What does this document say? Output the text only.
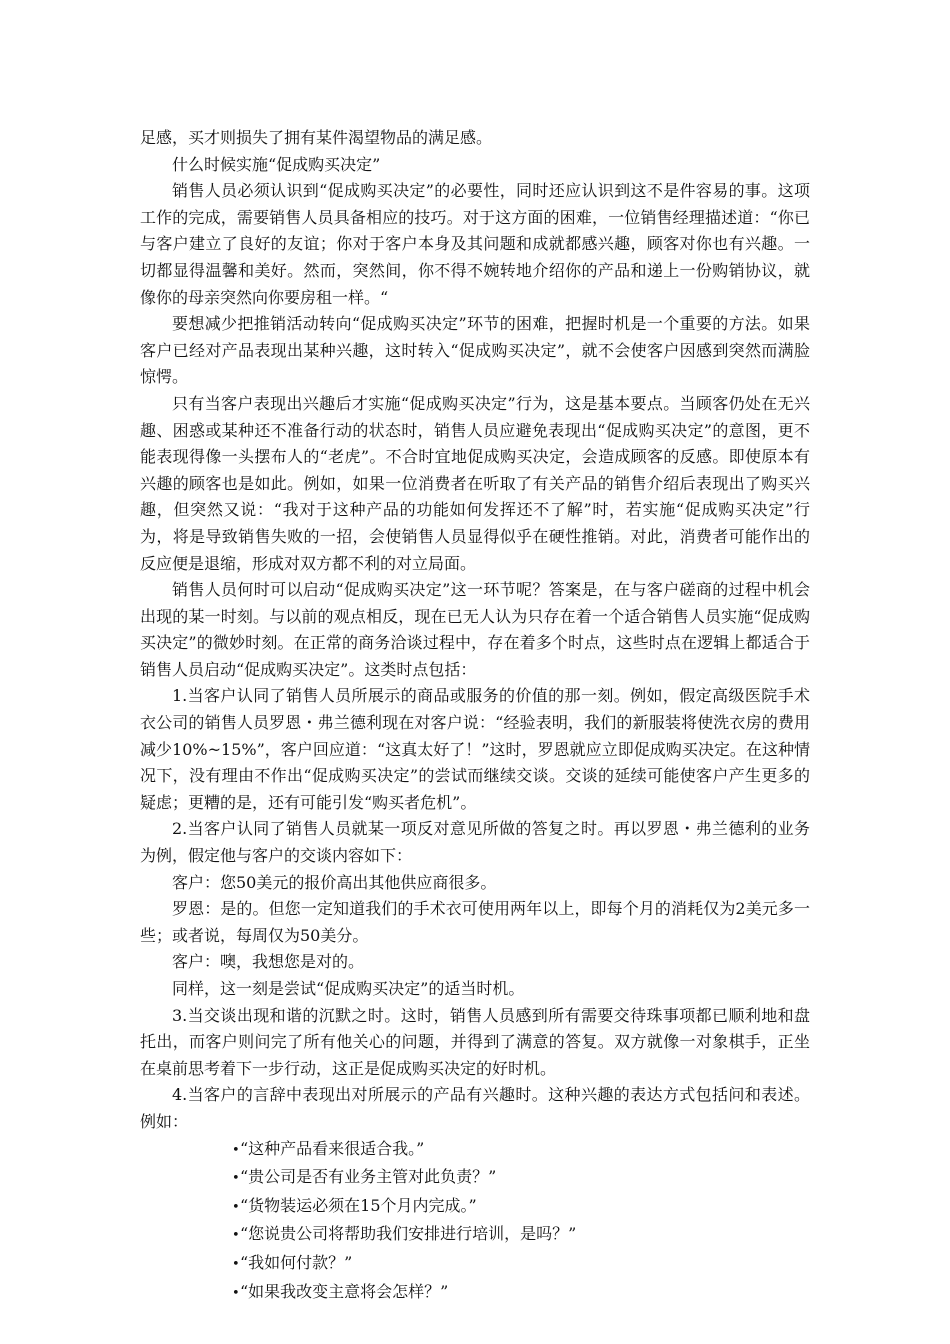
足感，买才则损失了拥有某件渴望物品的满足感。

什么时候实施“促成购买决定”

销售人员必须认识到“促成购买决定”的必要性，同时还应认识到这不是件容易的事。这项工作的完成，需要销售人员具备相应的技巧。对于这方面的困难，一位销售经理描述道：“你已与客户建立了良好的友谊；你对于客户本身及其问题和成就都感兴趣，顾客对你也有兴趣。一切都显得温馨和美好。然而，突然间，你不得不婉转地介绍你的产品和递上一份购销协议，就像你的母亲突然向你要房租一样。“

要想减少把推销活动转向“促成购买决定”环节的困难，把握时机是一个重要的方法。如果客户已经对产品表现出某种兴趣，这时转入“促成购买决定”，就不会使客户因感到突然而满脸惊愕。

只有当客户表现出兴趣后才实施“促成购买决定”行为，这是基本要点。当顾客仍处在无兴趣、困惑或某种还不准备行动的状态时，销售人员应避免表现出“促成购买决定”的意图，更不能表现得像一头摆布人的“老虎”。不合时宜地促成购买决定，会造成顾客的反感。即使原本有兴趣的顾客也是如此。例如，如果一位消费者在听取了有关产品的销售介绍后表现出了购买兴趣，但突然又说：“我对于这种产品的功能如何发挥还不了解”时，若实施“促成购买决定”行为，将是导致销售失败的一招，会使销售人员显得似乎在硬性推销。对此，消费者可能作出的反应便是退缩，形成对双方都不利的对立局面。

销售人员何时可以启动“促成购买决定”这一环节呢？答案是，在与客户磋商的过程中机会出现的某一时刻。与以前的观点相反，现在已无人认为只存在着一个适合销售人员实施“促成购买决定”的微妙时刻。在正常的商务洽谈过程中，存在着多个时点，这些时点在逻辑上都适合于销售人员启动“促成购买决定”。这类时点包括：

1.当客户认同了销售人员所展示的商品或服务的价值的那一刻。例如，假定高级医院手术衣公司的销售人员罗恩・弗兰德利现在对客户说：“经验表明，我们的新服装将使洗衣房的费用减少10%~15%”，客户回应道：“这真太好了！”这时，罗恩就应立即促成购买决定。在这种情况下，没有理由不作出“促成购买决定”的尝试而继续交谈。交谈的延续可能使客户产生更多的疑虑；更糟的是，还有可能引发“购买者危机”。

2.当客户认同了销售人员就某一项反对意见所做的答复之时。再以罗恩・弗兰德利的业务为例，假定他与客户的交谈内容如下：

客户：您50美元的报价高出其他供应商很多。

罗恩：是的。但您一定知道我们的手术衣可使用两年以上，即每个月的消耗仅为2美元多一些；或者说，每周仅为50美分。

客户：噢，我想您是对的。

同样，这一刻是尝试“促成购买决定”的适当时机。

3.当交谈出现和谐的沉默之时。这时，销售人员感到所有需要交待珠事项都已顺利地和盘托出，而客户则问完了所有他关心的问题，并得到了满意的答复。双方就像一对象棋手，正坐在桌前思考着下一步行动，这正是促成购买决定的好时机。

4.当客户的言辞中表现出对所展示的产品有兴趣时。这种兴趣的表达方式包括问和表述。例如：

•“这种产品看来很适合我。”
•“贵公司是否有业务主管对此负责？”
•“货物装运必须在15个月内完成。”
•“您说贵公司将帮助我们安排进行培训，是吗？”
•“我如何付款？”
•“如果我改变主意将会怎样？”
